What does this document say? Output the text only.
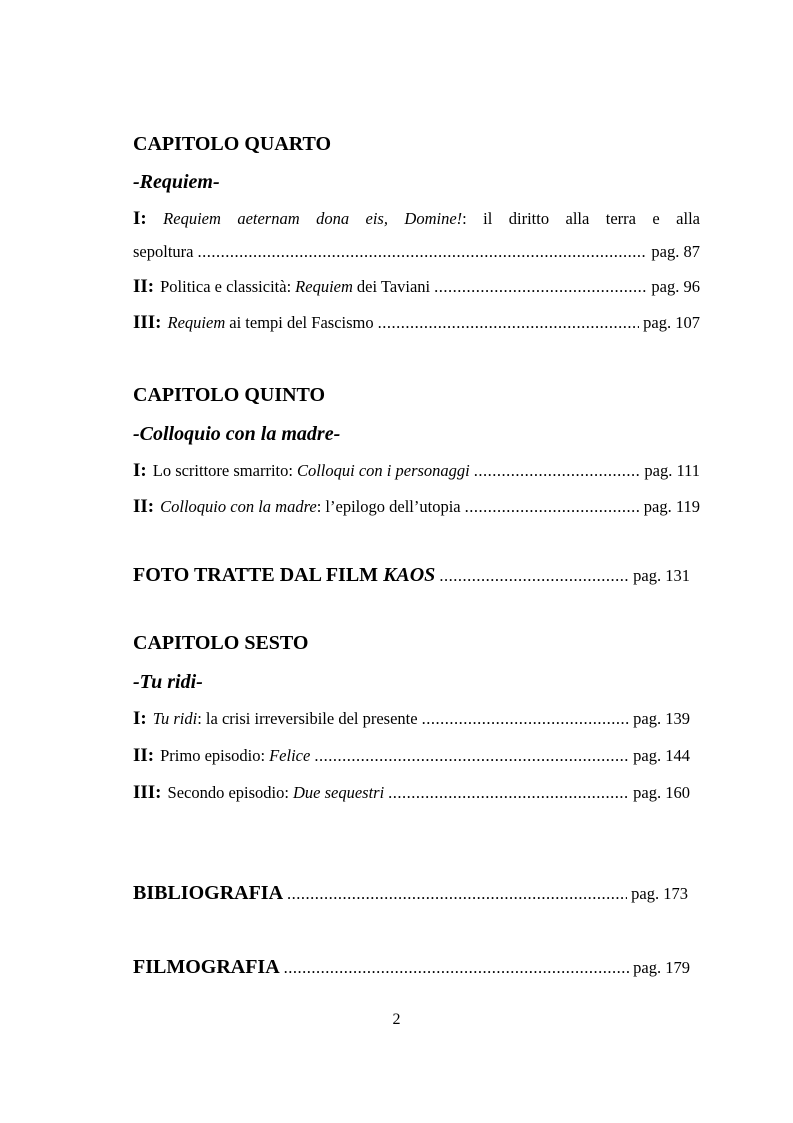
CAPITOLO QUARTO
-Requiem-
I: Requiem aeternam dona eis, Domine!: il diritto alla terra e alla
sepoltura .....	pag. 87
II: Politica e classicità: Requiem dei Taviani .....	pag. 96
III: Requiem ai tempi del Fascismo .....	pag. 107
CAPITOLO QUINTO
-Colloquio con la madre-
I: Lo scrittore smarrito: Colloqui con i personaggi .....	pag. 111
II: Colloquio con la madre : l’epilogo dell’utopia .....	pag. 119
FOTO TRATTE DAL FILM KAOS .....	pag. 131
CAPITOLO SESTO
-Tu ridi-
I: Tu ridi : la crisi irreversibile del presente .....	pag. 139
II: Primo episodio: Felice .....	pag. 144
III: Secondo episodio: Due sequestri .....	pag. 160
BIBLIOGRAFIA .....	pag. 173
FILMOGRAFIA .....	pag. 179
2
